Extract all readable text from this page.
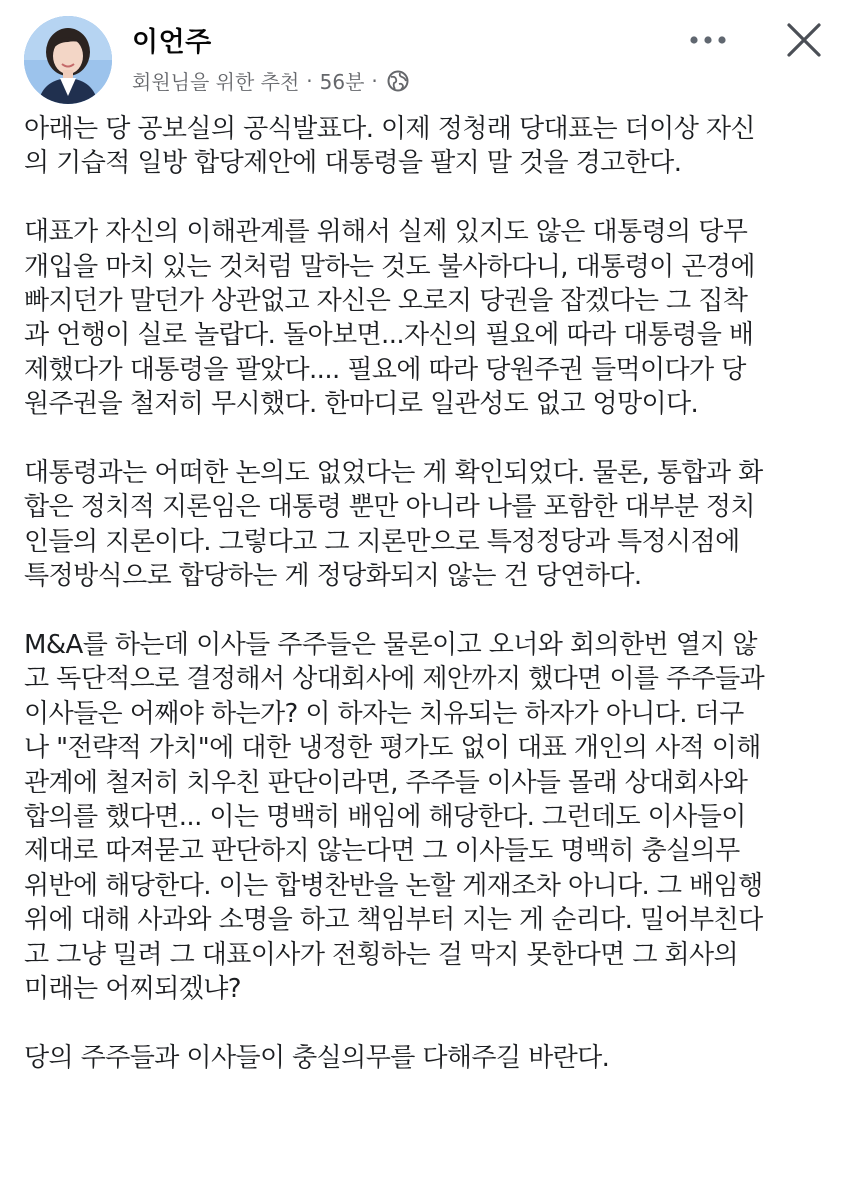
이언주
회원님을 위한 추천 · 56분 ·

아래는 당 공보실의 공식발표다. 이제 정청래 당대표는 더이상 자신
의 기습적 일방 합당제안에 대통령을 팔지 말 것을 경고한다.

대표가 자신의 이해관계를 위해서 실제 있지도 않은 대통령의 당무
개입을 마치 있는 것처럼 말하는 것도 불사하다니, 대통령이 곤경에
빠지던가 말던가 상관없고 자신은 오로지 당권을 잡겠다는 그 집착
과 언행이 실로 놀랍다. 돌아보면...자신의 필요에 따라 대통령을 배
제했다가 대통령을 팔았다.... 필요에 따라 당원주권 들먹이다가 당
원주권을 철저히 무시했다. 한마디로 일관성도 없고 엉망이다.

대통령과는 어떠한 논의도 없었다는 게 확인되었다. 물론, 통합과 화
합은 정치적 지론임은 대통령 뿐만 아니라 나를 포함한 대부분 정치
인들의 지론이다. 그렇다고 그 지론만으로 특정정당과 특정시점에
특정방식으로 합당하는 게 정당화되지 않는 건 당연하다.

M&A를 하는데 이사들 주주들은 물론이고 오너와 회의한번 열지 않
고 독단적으로 결정해서 상대회사에 제안까지 했다면 이를 주주들과
이사들은 어째야 하는가? 이 하자는 치유되는 하자가 아니다. 더구
나 "전략적 가치"에 대한 냉정한 평가도 없이 대표 개인의 사적 이해
관계에 철저히 치우친 판단이라면, 주주들 이사들 몰래 상대회사와
합의를 했다면... 이는 명백히 배임에 해당한다. 그런데도 이사들이
제대로 따져묻고 판단하지 않는다면 그 이사들도 명백히 충실의무
위반에 해당한다. 이는 합병찬반을 논할 게재조차 아니다. 그 배임행
위에 대해 사과와 소명을 하고 책임부터 지는 게 순리다. 밀어부친다
고 그냥 밀려 그 대표이사가 전횡하는 걸 막지 못한다면 그 회사의
미래는 어찌되겠냐?

당의 주주들과 이사들이 충실의무를 다해주길 바란다.
